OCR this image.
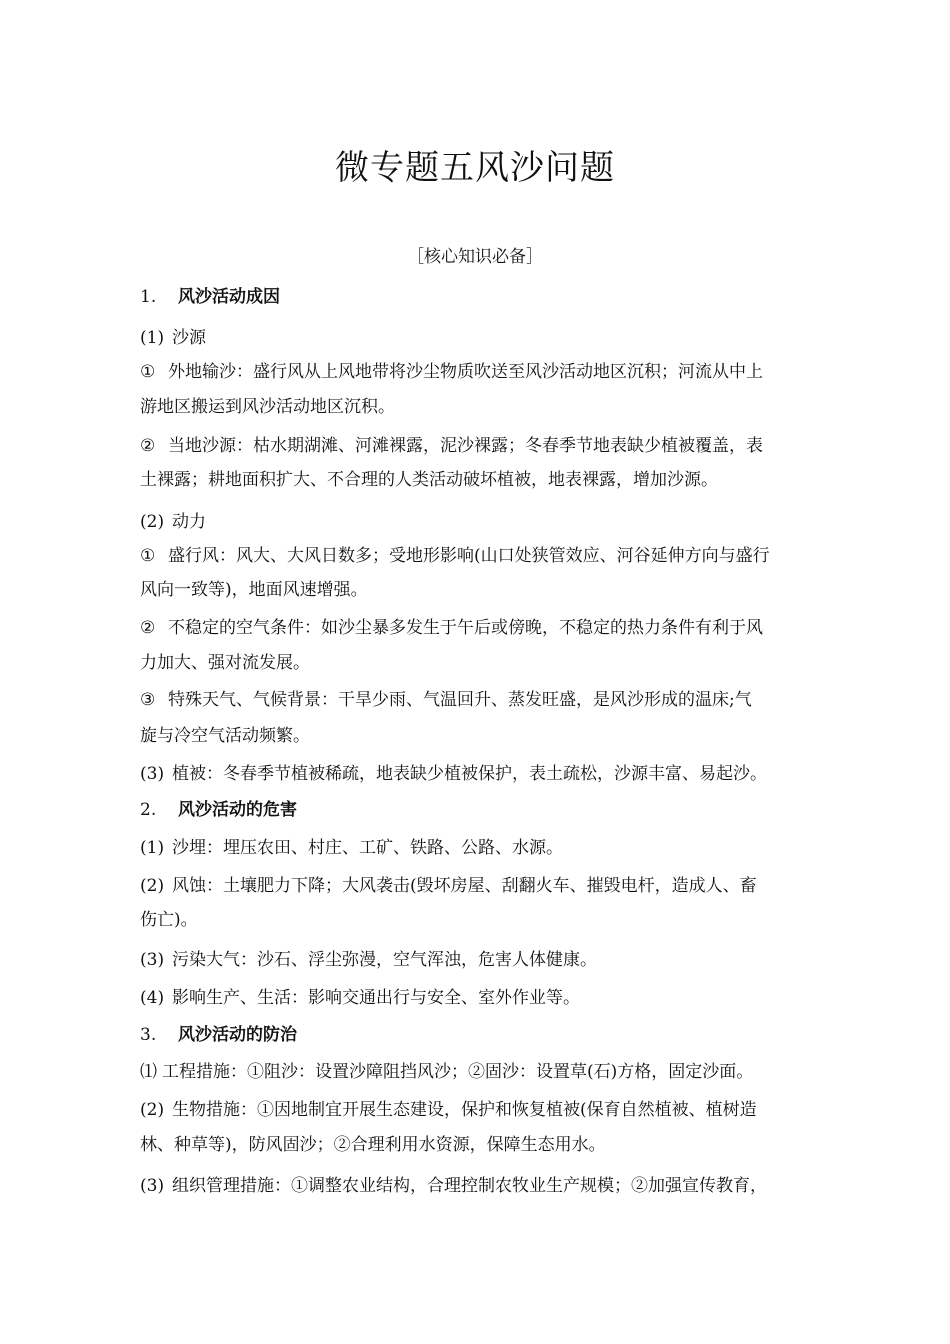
微专题五风沙问题
［核心知识必备］
1. 风沙活动成因
(1) 沙源
① 外地输沙：盛行风从上风地带将沙尘物质吹送至风沙活动地区沉积；河流从中上
游地区搬运到风沙活动地区沉积。
② 当地沙源：枯水期湖滩、河滩裸露，泥沙裸露；冬春季节地表缺少植被覆盖，表
土裸露；耕地面积扩大、不合理的人类活动破坏植被，地表裸露，增加沙源。
(2) 动力
① 盛行风：风大、大风日数多；受地形影响(山口处狭管效应、河谷延伸方向与盛行
风向一致等)，地面风速增强。
② 不稳定的空气条件：如沙尘暴多发生于午后或傍晚，不稳定的热力条件有利于风
力加大、强对流发展。
③ 特殊天气、气候背景：干旱少雨、气温回升、蒸发旺盛，是风沙形成的温床;气
旋与冷空气活动频繁。
(3) 植被：冬春季节植被稀疏，地表缺少植被保护，表土疏松，沙源丰富、易起沙。
2. 风沙活动的危害
(1) 沙埋：埋压农田、村庄、工矿、铁路、公路、水源。
(2) 风蚀：土壤肥力下降；大风袭击(毁坏房屋、刮翻火车、摧毁电杆，造成人、畜
伤亡)。
(3) 污染大气：沙石、浮尘弥漫，空气浑浊，危害人体健康。
(4) 影响生产、生活：影响交通出行与安全、室外作业等。
3. 风沙活动的防治
⑴ 工程措施：①阻沙：设置沙障阻挡风沙；②固沙：设置草(石)方格，固定沙面。
(2) 生物措施：①因地制宜开展生态建设，保护和恢复植被(保育自然植被、植树造
林、种草等)，防风固沙；②合理利用水资源，保障生态用水。
(3) 组织管理措施：①调整农业结构，合理控制农牧业生产规模；②加强宣传教育，
